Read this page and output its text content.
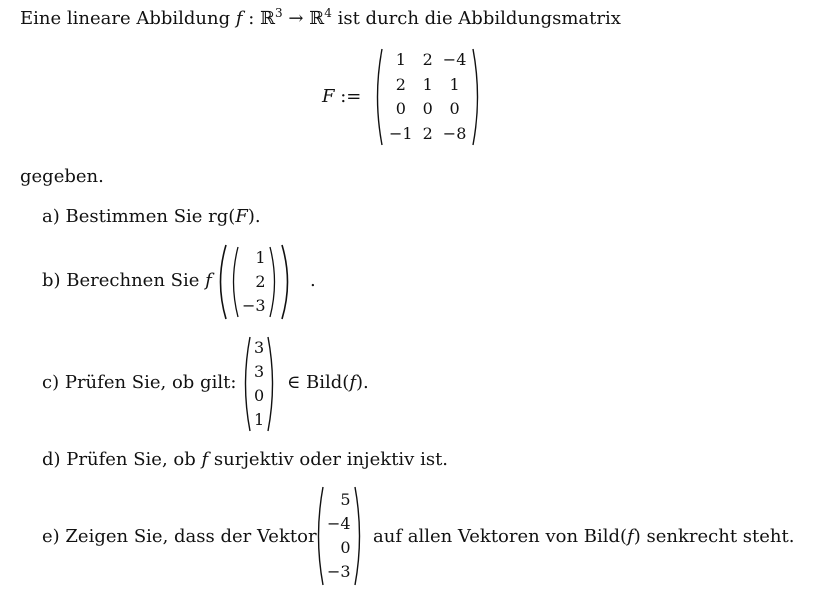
Eine lineare Abbildung f : ℝ$^3$ → ℝ$^4$ ist durch die Abbildungsmatrix
F :=
1	2	−4
2	1	1
0	0	0
−1	2	−8
gegeben.
a) Bestimmen Sie rg(F).
b) Berechnen Sie f
1
2
−3
.
c) Prüfen Sie, ob gilt:
3
3
0
1
∈ Bild(f).
d) Prüfen Sie, ob f surjektiv oder injektiv ist.
e) Zeigen Sie, dass der Vektor
5
−4
0
−3
auf allen Vektoren von Bild(f) senkrecht steht.
